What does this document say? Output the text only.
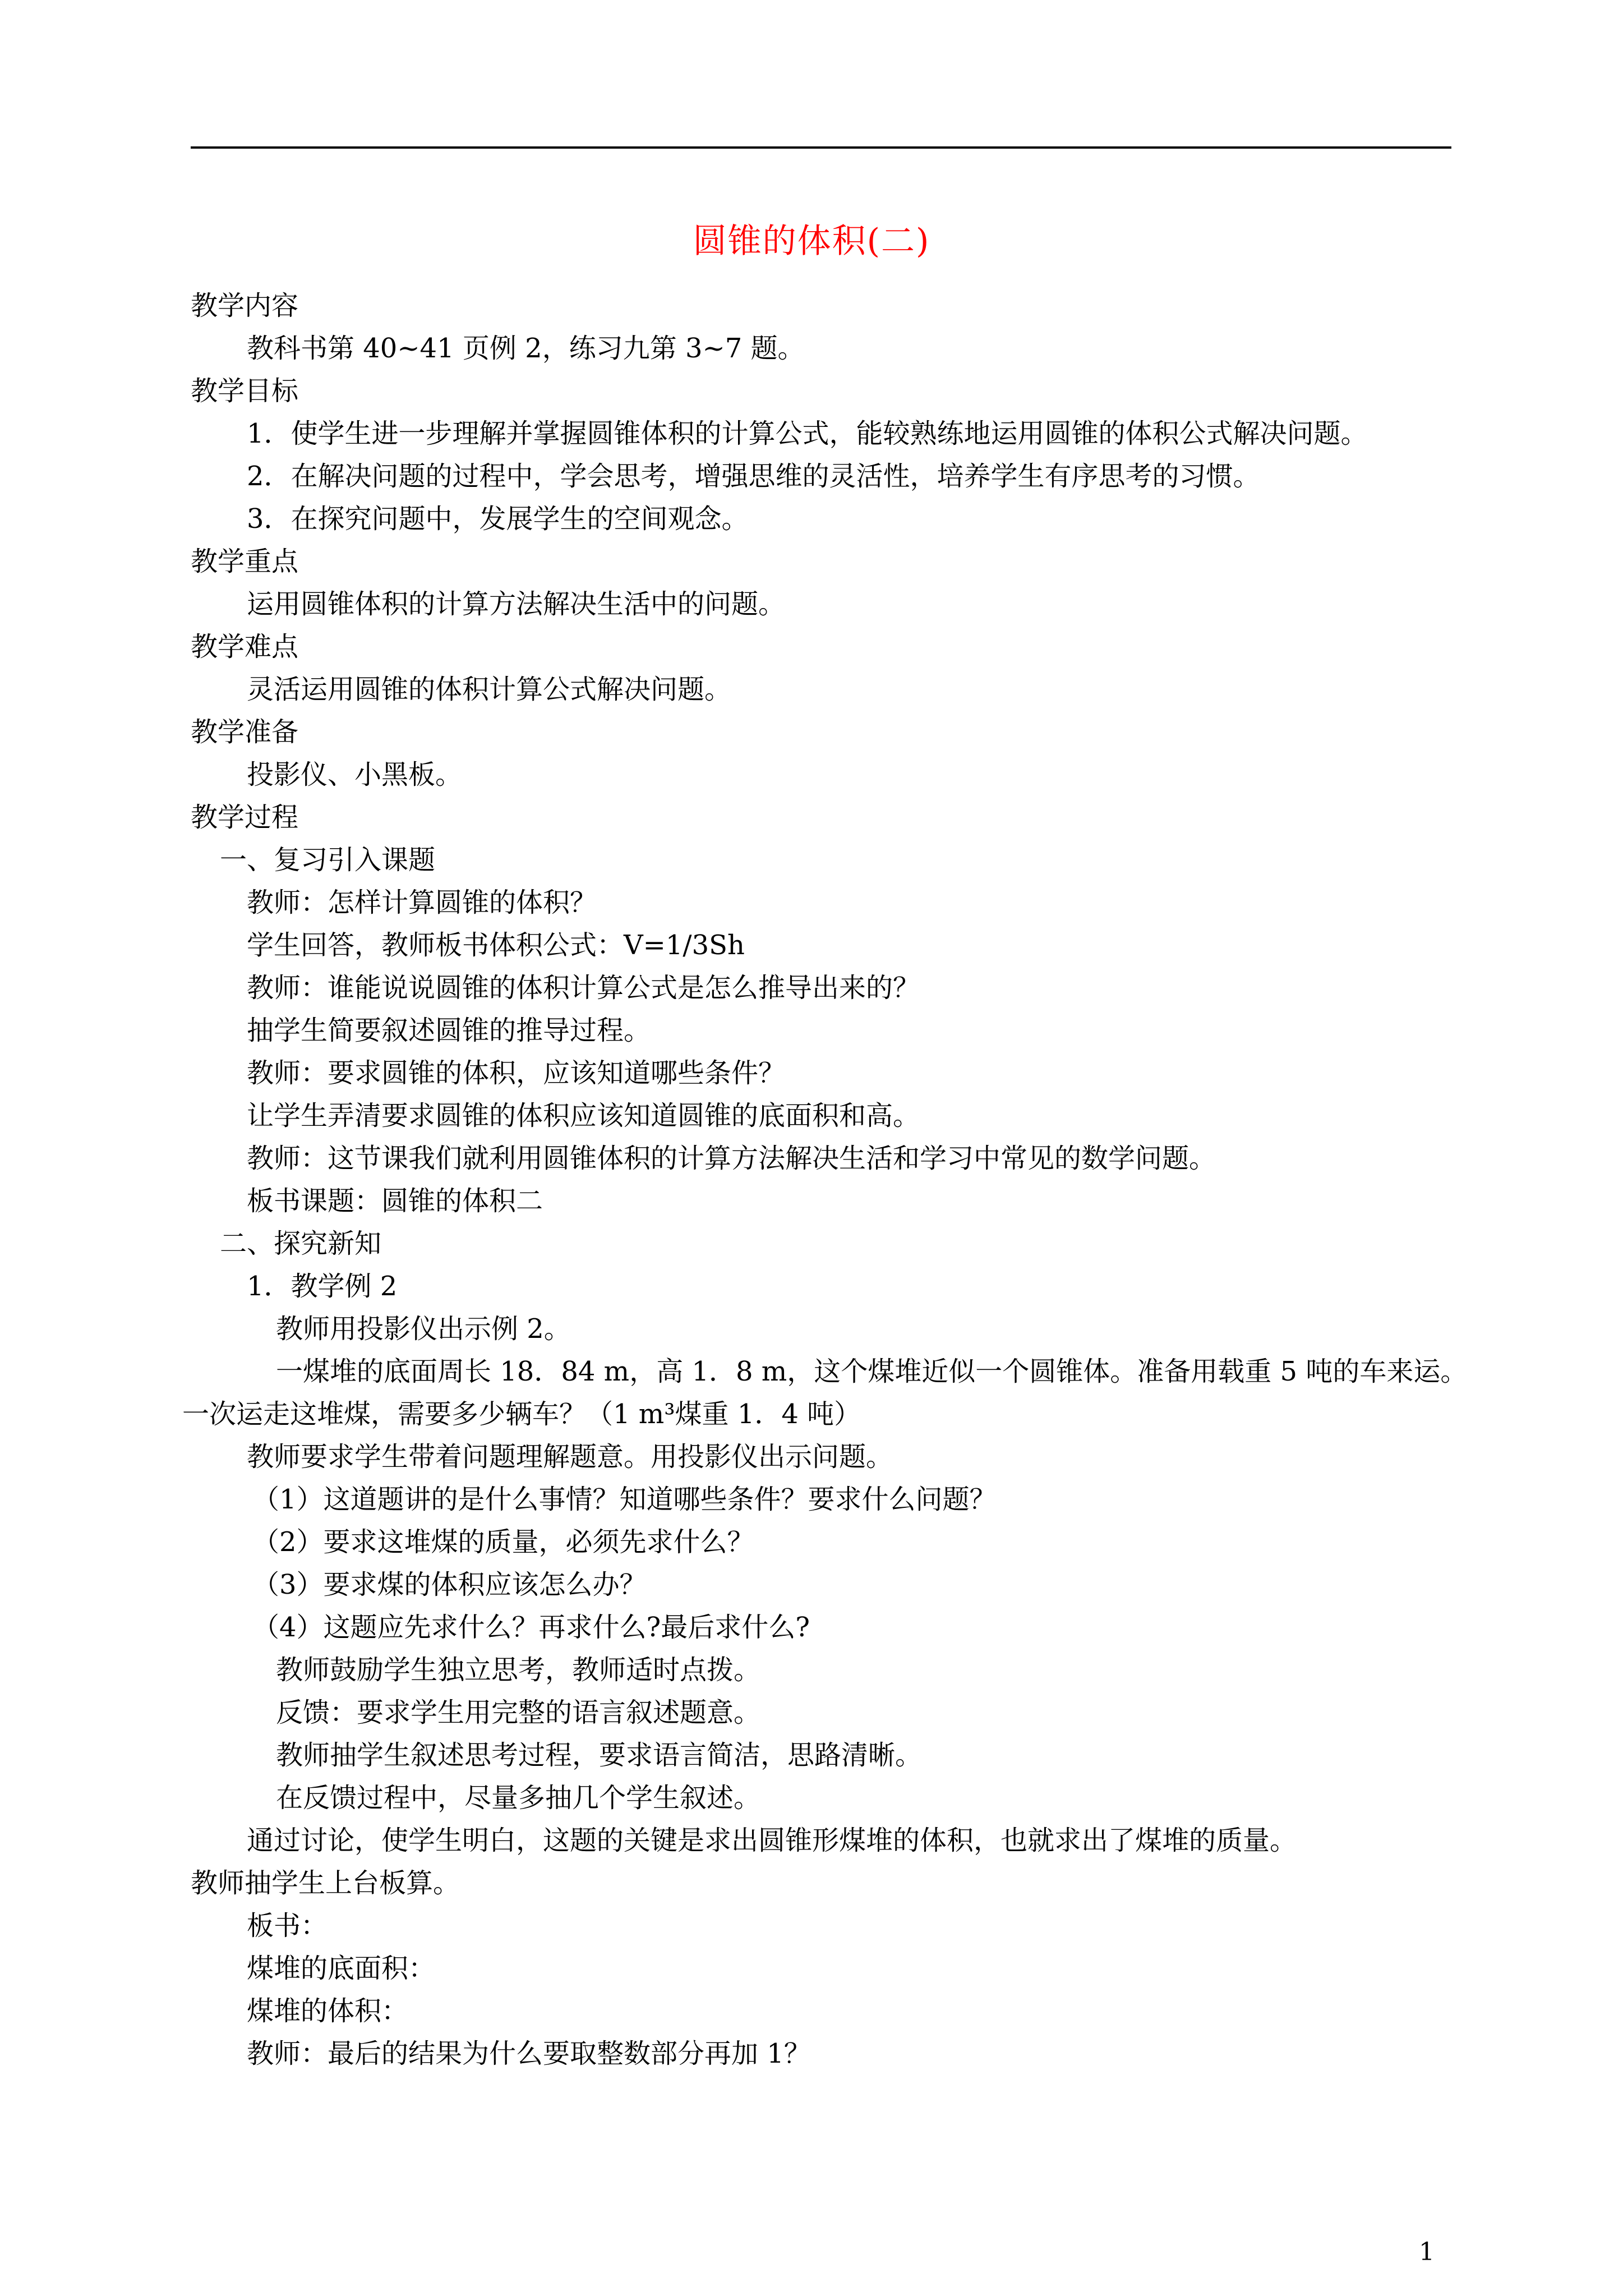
圆锥的体积(二)
教学内容
教科书第 40~41 页例 2，练习九第 3~7 题。
教学目标
1．使学生进一步理解并掌握圆锥体积的计算公式，能较熟练地运用圆锥的体积公式解决问题。
2．在解决问题的过程中，学会思考，增强思维的灵活性，培养学生有序思考的习惯。
3．在探究问题中，发展学生的空间观念。
教学重点
运用圆锥体积的计算方法解决生活中的问题。
教学难点
灵活运用圆锥的体积计算公式解决问题。
教学准备
投影仪、小黑板。
教学过程
一、复习引入课题
教师：怎样计算圆锥的体积？
学生回答，教师板书体积公式：V=1/3Sh
教师：谁能说说圆锥的体积计算公式是怎么推导出来的？
抽学生简要叙述圆锥的推导过程。
教师：要求圆锥的体积，应该知道哪些条件？
让学生弄清要求圆锥的体积应该知道圆锥的底面积和高。
教师：这节课我们就利用圆锥体积的计算方法解决生活和学习中常见的数学问题。
板书课题：圆锥的体积二
二、探究新知
1．教学例 2
教师用投影仪出示例 2。
一煤堆的底面周长 18．84 m，高 1．8 m，这个煤堆近似一个圆锥体。准备用载重 5 吨的车来运。
一次运走这堆煤，需要多少辆车？（1 m³煤重 1．4 吨）
教师要求学生带着问题理解题意。用投影仪出示问题。
（1）这道题讲的是什么事情？知道哪些条件？要求什么问题？
（2）要求这堆煤的质量，必须先求什么？
（3）要求煤的体积应该怎么办？
（4）这题应先求什么？再求什么?最后求什么?
教师鼓励学生独立思考，教师适时点拨。
反馈：要求学生用完整的语言叙述题意。
教师抽学生叙述思考过程，要求语言简洁，思路清晰。
在反馈过程中，尽量多抽几个学生叙述。
通过讨论，使学生明白，这题的关键是求出圆锥形煤堆的体积，也就求出了煤堆的质量。
教师抽学生上台板算。
板书：
煤堆的底面积：
煤堆的体积：
教师：最后的结果为什么要取整数部分再加 1？
1
